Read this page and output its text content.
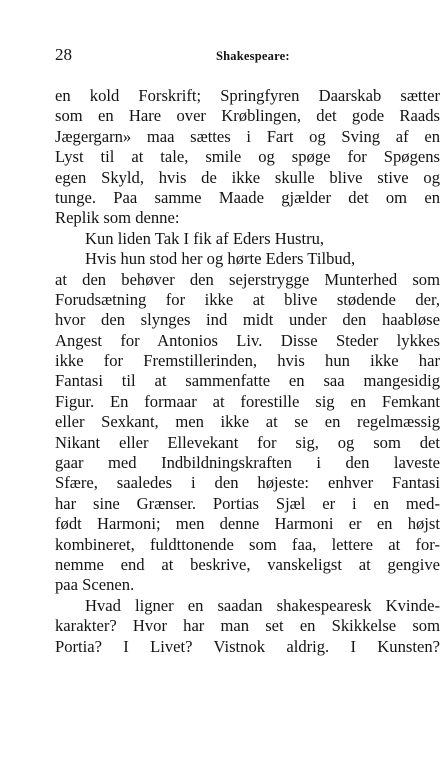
28	Shakespeare:
en kold Forskrift; Springfyren Daarskab sætter
som en Hare over Krøblingen, det gode Raads
Jægergarn» maa sættes i Fart og Sving af en
Lyst til at tale, smile og spøge for Spøgens
egen Skyld, hvis de ikke skulle blive stive og
tunge. Paa samme Maade gjælder det om en
Replik som denne:
Kun liden Tak I fik af Eders Hustru,
Hvis hun stod her og hørte Eders Tilbud,
at den behøver den sejerstrygge Munterhed som
Forudsætning for ikke at blive stødende der,
hvor den slynges ind midt under den haabløse
Angest for Antonios Liv. Disse Steder lykkes
ikke for Fremstillerinden, hvis hun ikke har
Fantasi til at sammenfatte en saa mangesidig
Figur. En formaar at forestille sig en Femkant
eller Sexkant, men ikke at se en regelmæssig
Nikant eller Ellevekant for sig, og som det
gaar med Indbildningskraften i den laveste
Sfære, saaledes i den højeste: enhver Fantasi
har sine Grænser. Portias Sjæl er i en med-
født Harmoni; men denne Harmoni er en højst
kombineret, fuldttonende som faa, lettere at for-
nemme end at beskrive, vanskeligst at gengive
paa Scenen.
Hvad ligner en saadan shakespearesk Kvinde-
karakter? Hvor har man set en Skikkelse som
Portia? I Livet? Vistnok aldrig. I Kunsten?
